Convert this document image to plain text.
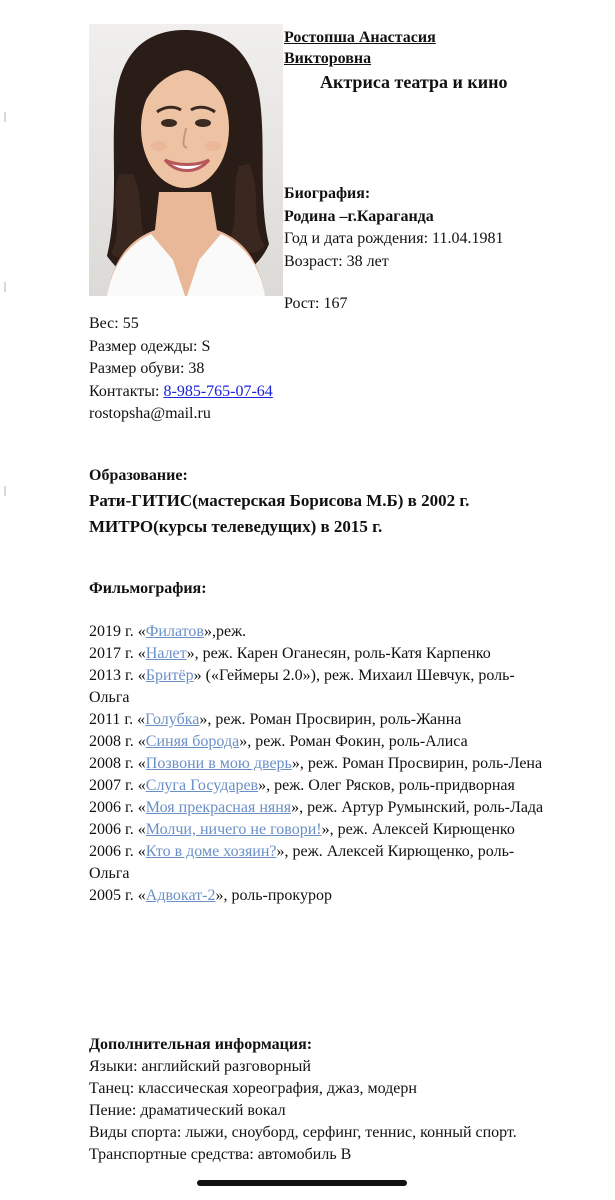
Ростопша Анастасия Викторовна
Актриса театра и кино
Биография:
Родина –г.Караганда
Год и дата рождения: 11.04.1981
Возраст: 38 лет
Рост: 167
Вес: 55
Размер одежды: S
Размер обуви: 38
Контакты: 8-985-765-07-64
rostopsha@mail.ru
Образование:
Рати-ГИТИС(мастерская Борисова М.Б) в 2002 г.
МИТРО(курсы телеведущих) в 2015 г.
Фильмография:
2019 г. «Филатов»,реж.
2017 г. «Налет», реж. Карен Оганесян, роль-Катя Карпенко
2013 г. «Бритёр» («Геймеры 2.0»), реж. Михаил Шевчук, роль-Ольга
2011 г. «Голубка», реж. Роман Просвирин, роль-Жанна
2008 г. «Синяя борода», реж. Роман Фокин, роль-Алиса
2008 г. «Позвони в мою дверь», реж. Роман Просвирин, роль-Лена
2007 г. «Слуга Государев», реж. Олег Рясков, роль-придворная
2006 г. «Моя прекрасная няня», реж. Артур Румынский, роль-Лада
2006 г. «Молчи, ничего не говори!», реж. Алексей Кирющенко
2006 г. «Кто в доме хозяин?», реж. Алексей Кирющенко, роль-Ольга
2005 г. «Адвокат-2», роль-прокурор
Дополнительная информация:
Языки: английский разговорный
Танец: классическая хореография, джаз, модерн
Пение: драматический вокал
Виды спорта: лыжи, сноуборд, серфинг, теннис, конный спорт.
Транспортные средства: автомобиль В
